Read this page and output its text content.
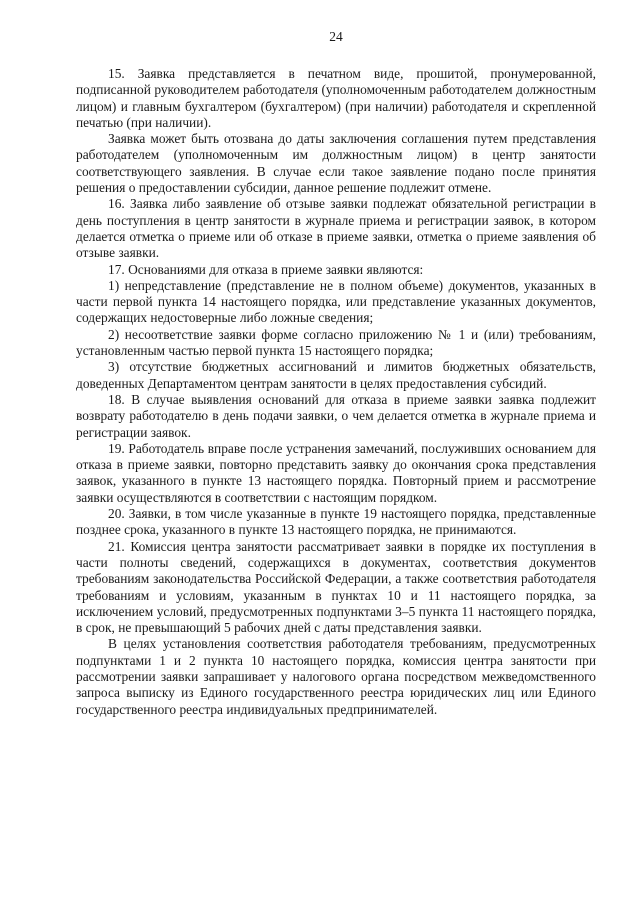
24

15. Заявка представляется в печатном виде, прошитой, пронумерованной, подписанной руководителем работодателя (уполномоченным работодателем должностным лицом) и главным бухгалтером (бухгалтером) (при наличии) работодателя и скрепленной печатью (при наличии).

Заявка может быть отозвана до даты заключения соглашения путем представления работодателем (уполномоченным им должностным лицом) в центр занятости соответствующего заявления. В случае если такое заявление подано после принятия решения о предоставлении субсидии, данное решение подлежит отмене.

16. Заявка либо заявление об отзыве заявки подлежат обязательной регистрации в день поступления в центр занятости в журнале приема и регистрации заявок, в котором делается отметка о приеме или об отказе в приеме заявки, отметка о приеме заявления об отзыве заявки.

17. Основаниями для отказа в приеме заявки являются:

1) непредставление (представление не в полном объеме) документов, указанных в части первой пункта 14 настоящего порядка, или представление указанных документов, содержащих недостоверные либо ложные сведения;

2) несоответствие заявки форме согласно приложению № 1 и (или) требованиям, установленным частью первой пункта 15 настоящего порядка;

3) отсутствие бюджетных ассигнований и лимитов бюджетных обязательств, доведенных Департаментом центрам занятости в целях предоставления субсидий.

18. В случае выявления оснований для отказа в приеме заявки заявка подлежит возврату работодателю в день подачи заявки, о чем делается отметка в журнале приема и регистрации заявок.

19. Работодатель вправе после устранения замечаний, послуживших основанием для отказа в приеме заявки, повторно представить заявку до окончания срока представления заявок, указанного в пункте 13 настоящего порядка. Повторный прием и рассмотрение заявки осуществляются в соответствии с настоящим порядком.

20. Заявки, в том числе указанные в пункте 19 настоящего порядка, представленные позднее срока, указанного в пункте 13 настоящего порядка, не принимаются.

21. Комиссия центра занятости рассматривает заявки в порядке их поступления в части полноты сведений, содержащихся в документах, соответствия документов требованиям законодательства Российской Федерации, а также соответствия работодателя требованиям и условиям, указанным в пунктах 10 и 11 настоящего порядка, за исключением условий, предусмотренных подпунктами 3–5 пункта 11 настоящего порядка, в срок, не превышающий 5 рабочих дней с даты представления заявки.

В целях установления соответствия работодателя требованиям, предусмотренных подпунктами 1 и 2 пункта 10 настоящего порядка, комиссия центра занятости при рассмотрении заявки запрашивает у налогового органа посредством межведомственного запроса выписку из Единого государственного реестра юридических лиц или Единого государственного реестра индивидуальных предпринимателей.
